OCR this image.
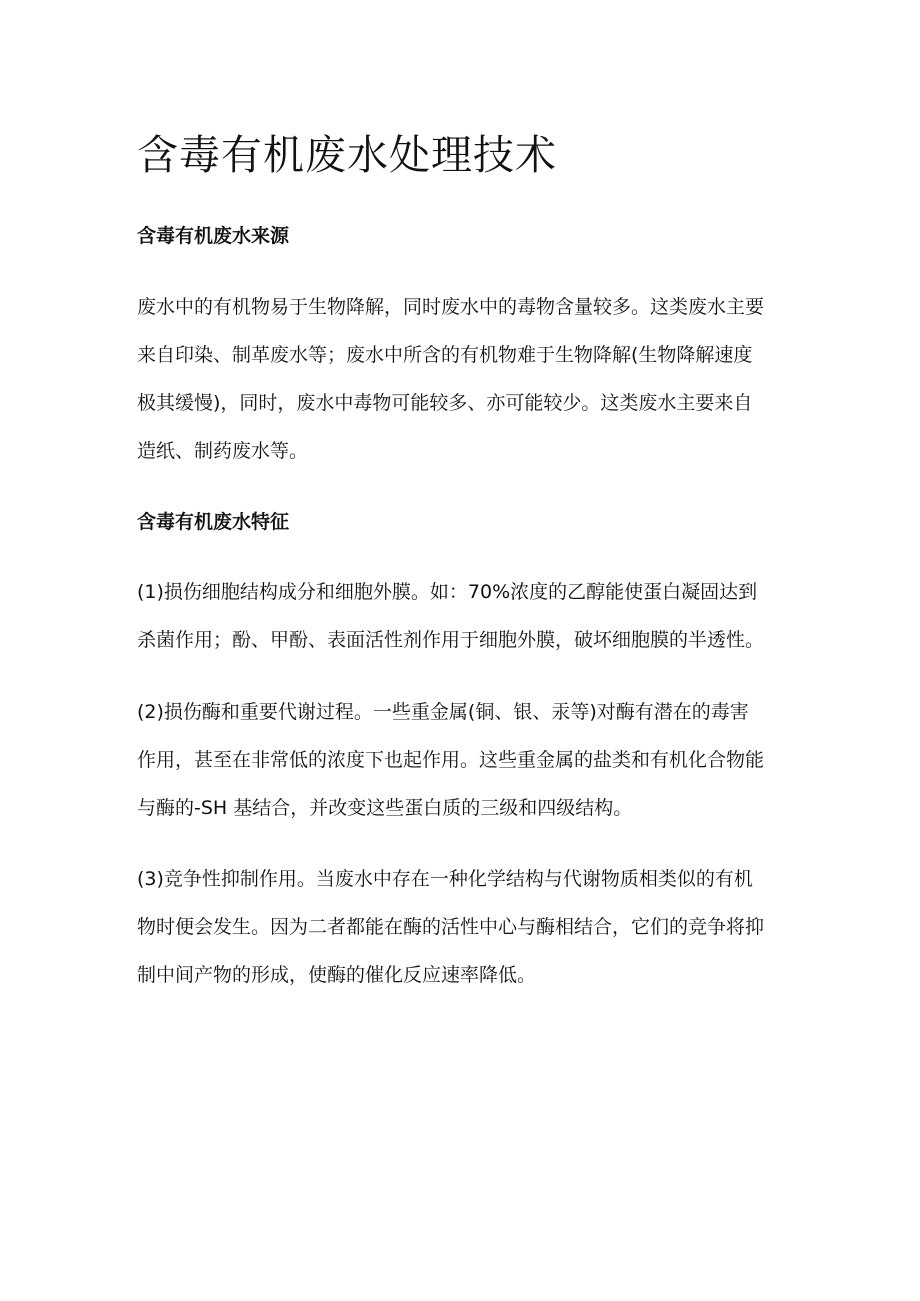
含毒有机废水处理技术
含毒有机废水来源
废水中的有机物易于生物降解，同时废水中的毒物含量较多。这类废水主要
来自印染、制革废水等；废水中所含的有机物难于生物降解(生物降解速度
极其缓慢)，同时，废水中毒物可能较多、亦可能较少。这类废水主要来自
造纸、制药废水等。
含毒有机废水特征
(1)损伤细胞结构成分和细胞外膜。如：70%浓度的乙醇能使蛋白凝固达到
杀菌作用；酚、甲酚、表面活性剂作用于细胞外膜，破坏细胞膜的半透性。
(2)损伤酶和重要代谢过程。一些重金属(铜、银、汞等)对酶有潜在的毒害
作用，甚至在非常低的浓度下也起作用。这些重金属的盐类和有机化合物能
与酶的-SH 基结合，并改变这些蛋白质的三级和四级结构。
(3)竞争性抑制作用。当废水中存在一种化学结构与代谢物质相类似的有机
物时便会发生。因为二者都能在酶的活性中心与酶相结合，它们的竞争将抑
制中间产物的形成，使酶的催化反应速率降低。
